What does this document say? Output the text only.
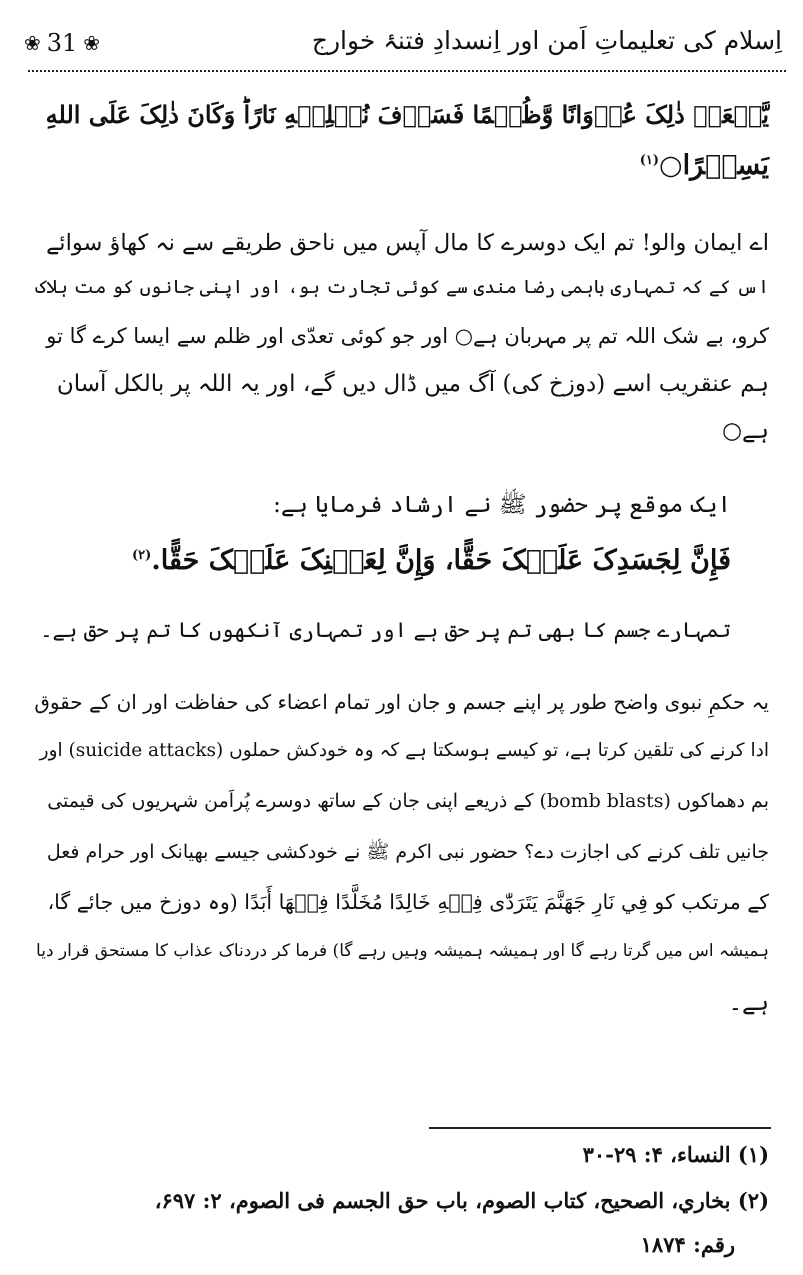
❀ 31 ❀	اِسلام کی تعلیماتِ اَمن اور اِنسدادِ فتنۂ خوارج
يَّفۡعَلۡ ذٰلِکَ عُدۡوَانًا وَّظُلۡمًا فَسَوۡفَ نُصۡلِيۡهِ نَارًاؕ وَکَانَ ذٰلِکَ عَلَى اللهِ
يَسِيۡرًا○$^{(۱)}$
اے ایمان والو! تم ایک دوسرے کا مال آپس میں ناحق طریقے سے نہ کھاؤ سوائے
اس کے کہ تمہاری باہمی رضا مندی سے کوئی تجارت ہو، اور اپنی جانوں کو مت ہلاک
کرو، بے شک اللہ تم پر مہربان ہے○ اور جو کوئی تعدّی اور ظلم سے ایسا کرے گا تو
ہم عنقریب اسے (دوزخ کی) آگ میں ڈال دیں گے، اور یہ اللہ پر بالکل آسان
ہے○
ایک موقع پر حضور ﷺ نے ارشاد فرمایا ہے:
فَإِنَّ لِجَسَدِکَ عَلَيۡکَ حَقًّا، وَإِنَّ لِعَيۡنِکَ عَلَيۡکَ حَقًّا.$^{(۲)}$
تمہارے جسم کا بھی تم پر حق ہے اور تمہاری آنکھوں کا تم پر حق ہے۔
یہ حکمِ نبوی واضح طور پر اپنے جسم و جان اور تمام اعضاء کی حفاظت اور ان کے حقوق
ادا کرنے کی تلقین کرتا ہے، تو کیسے ہوسکتا ہے کہ وہ خودکش حملوں (suicide attacks) اور
بم دھماکوں (bomb blasts) کے ذریعے اپنی جان کے ساتھ دوسرے پُراَمن شہریوں کی قیمتی
جانیں تلف کرنے کی اجازت دے؟ حضور نبی اکرم ﷺ نے خودکشی جیسے بھیانک اور حرام فعل
کے مرتکب کو فِي نَارِ جَهَنَّمَ يَتَرَدّٰى فِيۡهِ خَالِدًا مُخَلَّدًا فِيۡهَا أَبَدًا (وہ دوزخ میں جائے گا،
ہمیشہ اس میں گرتا رہے گا اور ہمیشہ ہمیشہ وہیں رہے گا) فرما کر دردناک عذاب کا مستحق قرار دیا
ہے۔
(۱) النساء، ۴: ۲۹-۳۰
(۲) بخاري، الصحيح، کتاب الصوم، باب حق الجسم فی الصوم، ۲: ۶۹۷،
رقم: ۱۸۷۴
